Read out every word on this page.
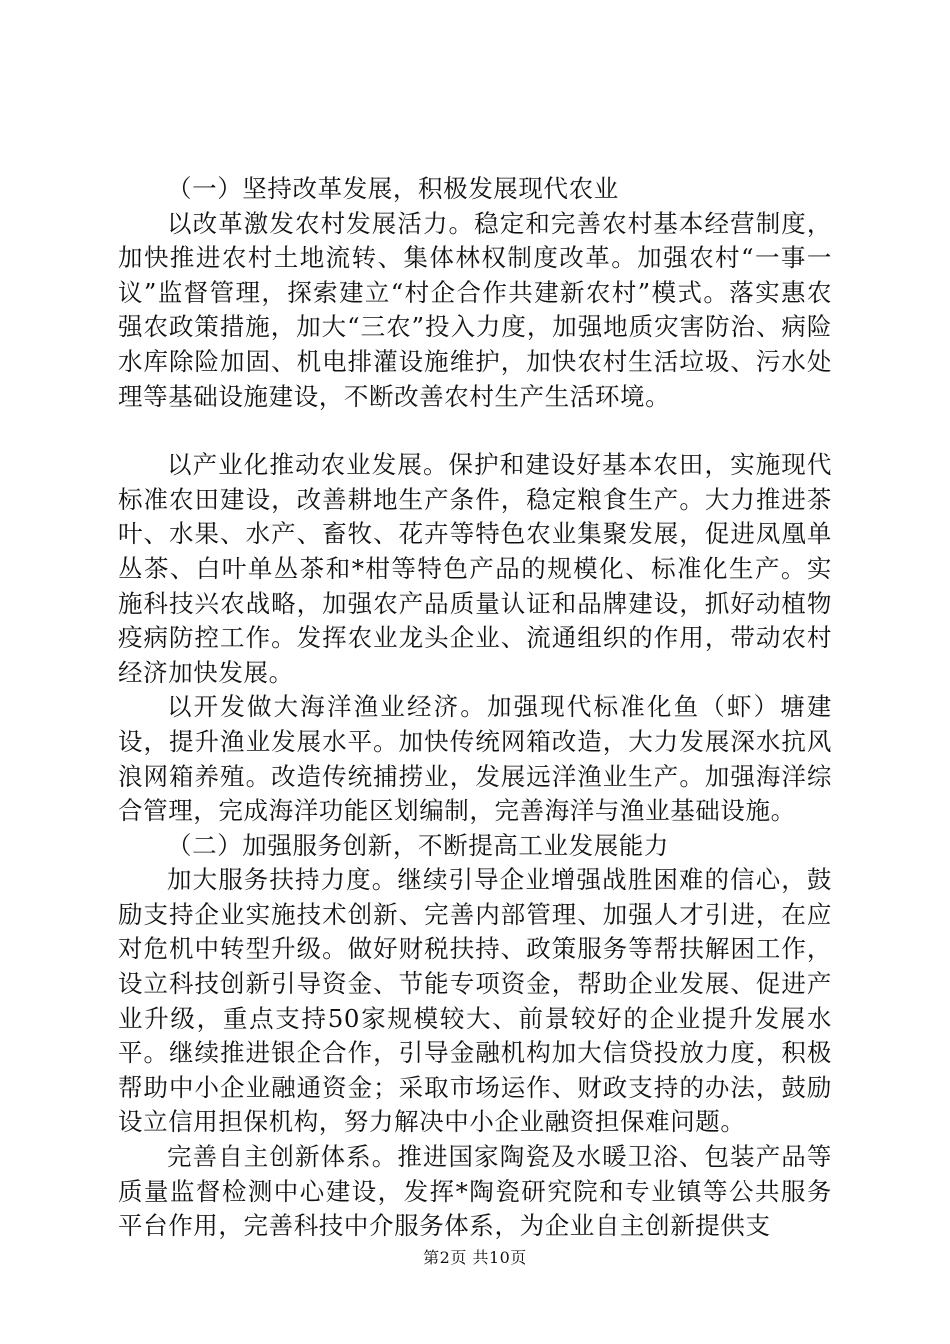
（一）坚持改革发展，积极发展现代农业

以改革激发农村发展活力。稳定和完善农村基本经营制度，加快推进农村土地流转、集体林权制度改革。加强农村“一事一议”监督管理，探索建立“村企合作共建新农村”模式。落实惠农强农政策措施，加大“三农”投入力度，加强地质灾害防治、病险水库除险加固、机电排灌设施维护，加快农村生活垃圾、污水处理等基础设施建设，不断改善农村生产生活环境。

以产业化推动农业发展。保护和建设好基本农田，实施现代标准农田建设，改善耕地生产条件，稳定粮食生产。大力推进茶叶、水果、水产、畜牧、花卉等特色农业集聚发展，促进凤凰单丛茶、白叶单丛茶和*柑等特色产品的规模化、标准化生产。实施科技兴农战略，加强农产品质量认证和品牌建设，抓好动植物疫病防控工作。发挥农业龙头企业、流通组织的作用，带动农村经济加快发展。

以开发做大海洋渔业经济。加强现代标准化鱼（虾）塘建设，提升渔业发展水平。加快传统网箱改造，大力发展深水抗风浪网箱养殖。改造传统捕捞业，发展远洋渔业生产。加强海洋综合管理，完成海洋功能区划编制，完善海洋与渔业基础设施。

（二）加强服务创新，不断提高工业发展能力

加大服务扶持力度。继续引导企业增强战胜困难的信心，鼓励支持企业实施技术创新、完善内部管理、加强人才引进，在应对危机中转型升级。做好财税扶持、政策服务等帮扶解困工作，设立科技创新引导资金、节能专项资金，帮助企业发展、促进产业升级，重点支持50家规模较大、前景较好的企业提升发展水平。继续推进银企合作，引导金融机构加大信贷投放力度，积极帮助中小企业融通资金；采取市场运作、财政支持的办法，鼓励设立信用担保机构，努力解决中小企业融资担保难问题。

完善自主创新体系。推进国家陶瓷及水暖卫浴、包装产品等质量监督检测中心建设，发挥*陶瓷研究院和专业镇等公共服务平台作用，完善科技中介服务体系，为企业自主创新提供支

第2页 共10页
